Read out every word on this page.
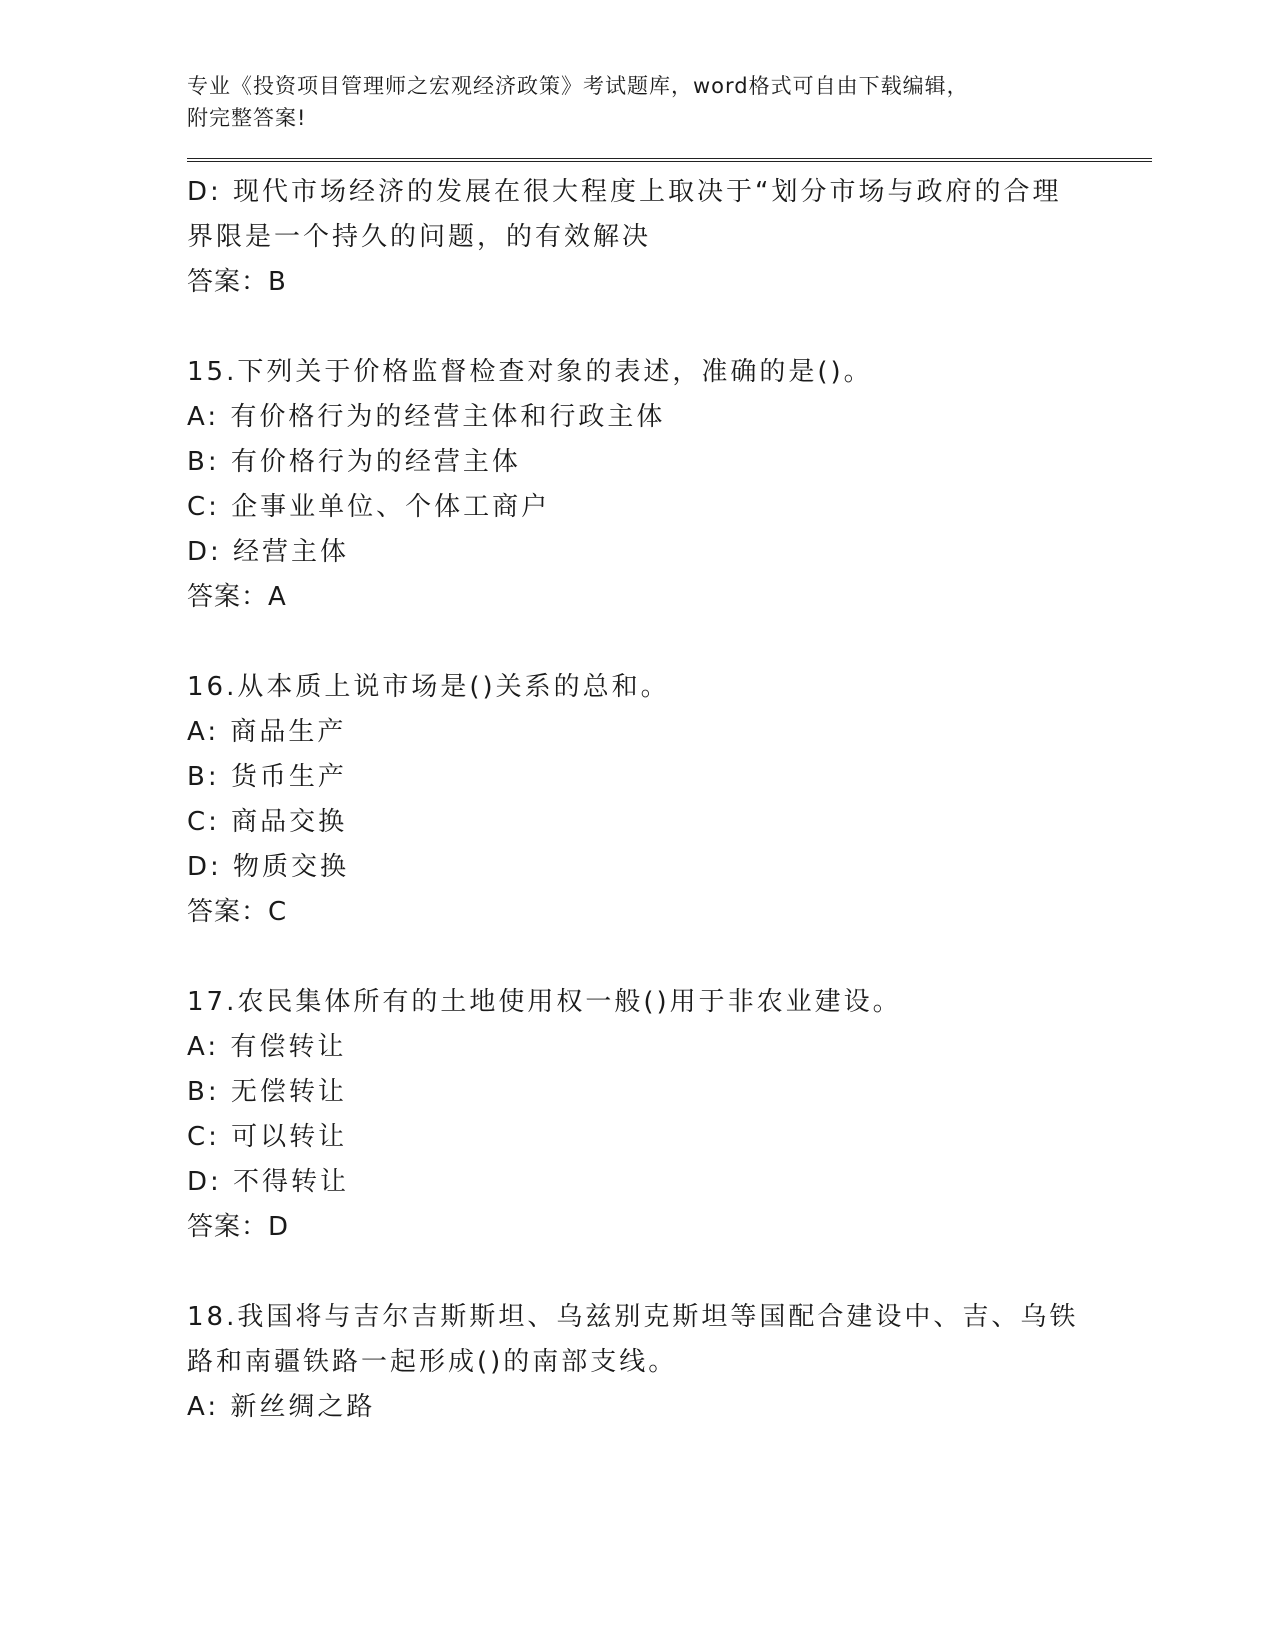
专业《投资项目管理师之宏观经济政策》考试题库，word格式可自由下载编辑，
附完整答案!
D: 现代市场经济的发展在很大程度上取决于“划分市场与政府的合理
界限是一个持久的问题，的有效解决
答案：B
15.下列关于价格监督检查对象的表述，准确的是()。
A: 有价格行为的经营主体和行政主体
B: 有价格行为的经营主体
C: 企事业单位、个体工商户
D: 经营主体
答案：A
16.从本质上说市场是()关系的总和。
A: 商品生产
B: 货币生产
C: 商品交换
D: 物质交换
答案：C
17.农民集体所有的土地使用权一般()用于非农业建设。
A: 有偿转让
B: 无偿转让
C: 可以转让
D: 不得转让
答案：D
18.我国将与吉尔吉斯斯坦、乌兹别克斯坦等国配合建设中、吉、乌铁
路和南疆铁路一起形成()的南部支线。
A: 新丝绸之路
